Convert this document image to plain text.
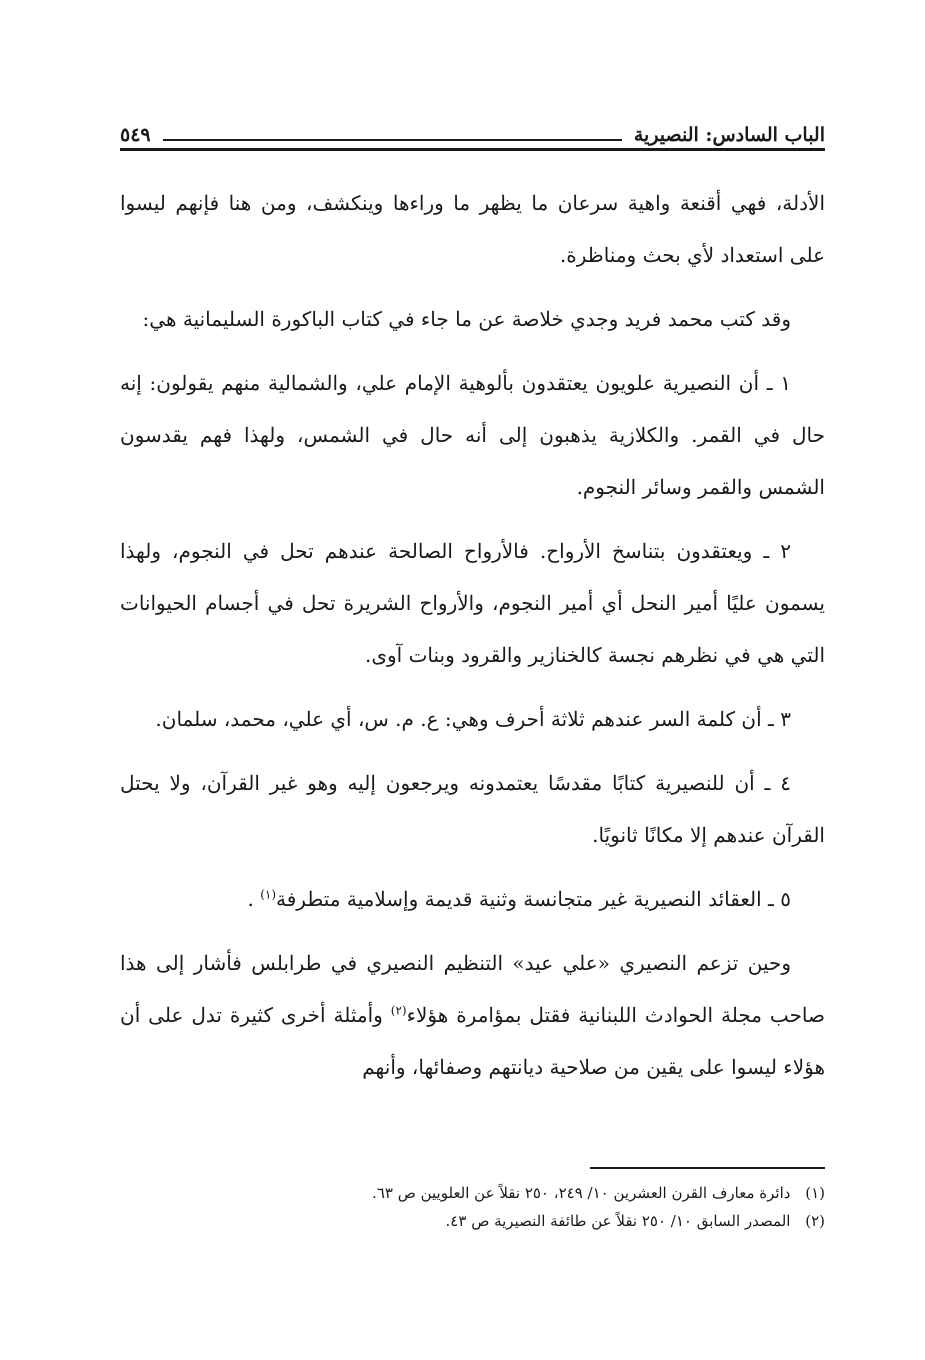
الباب السادس: النصيرية
٥٤٩

الأدلة، فهي أقنعة واهية سرعان ما يظهر ما وراءها وينكشف، ومن هنا فإنهم ليسوا على استعداد لأي بحث ومناظرة.

وقد كتب محمد فريد وجدي خلاصة عن ما جاء في كتاب الباكورة السليمانية هي:

١ ـ أن النصيرية علويون يعتقدون بألوهية الإمام علي، والشمالية منهم يقولون: إنه حال في القمر. والكلازية يذهبون إلى أنه حال في الشمس، ولهذا فهم يقدسون الشمس والقمر وسائر النجوم.

٢ ـ ويعتقدون بتناسخ الأرواح. فالأرواح الصالحة عندهم تحل في النجوم، ولهذا يسمون عليًا أمير النحل أي أمير النجوم، والأرواح الشريرة تحل في أجسام الحيوانات التي هي في نظرهم نجسة كالخنازير والقرود وبنات آوى.

٣ ـ أن كلمة السر عندهم ثلاثة أحرف وهي: ع. م. س، أي علي، محمد، سلمان.

٤ ـ أن للنصيرية كتابًا مقدسًا يعتمدونه ويرجعون إليه وهو غير القرآن، ولا يحتل القرآن عندهم إلا مكانًا ثانويًا.

٥ ـ العقائد النصيرية غير متجانسة وثنية قديمة وإسلامية متطرفة$^{(١)}$ .

وحين تزعم النصيري «علي عيد» التنظيم النصيري في طرابلس فأشار إلى هذا صاحب مجلة الحوادث اللبنانية فقتل بمؤامرة هؤلاء$^{(٢)}$ وأمثلة أخرى كثيرة تدل على أن هؤلاء ليسوا على يقين من صلاحية ديانتهم وصفائها، وأنهم

(١) دائرة معارف القرن العشرين ١٠/ ٢٤٩، ٢٥٠ نقلاً عن العلويين ص ٦٣.

(٢) المصدر السابق ١٠/ ٢٥٠ نقلاً عن طائفة النصيرية ص ٤٣.
